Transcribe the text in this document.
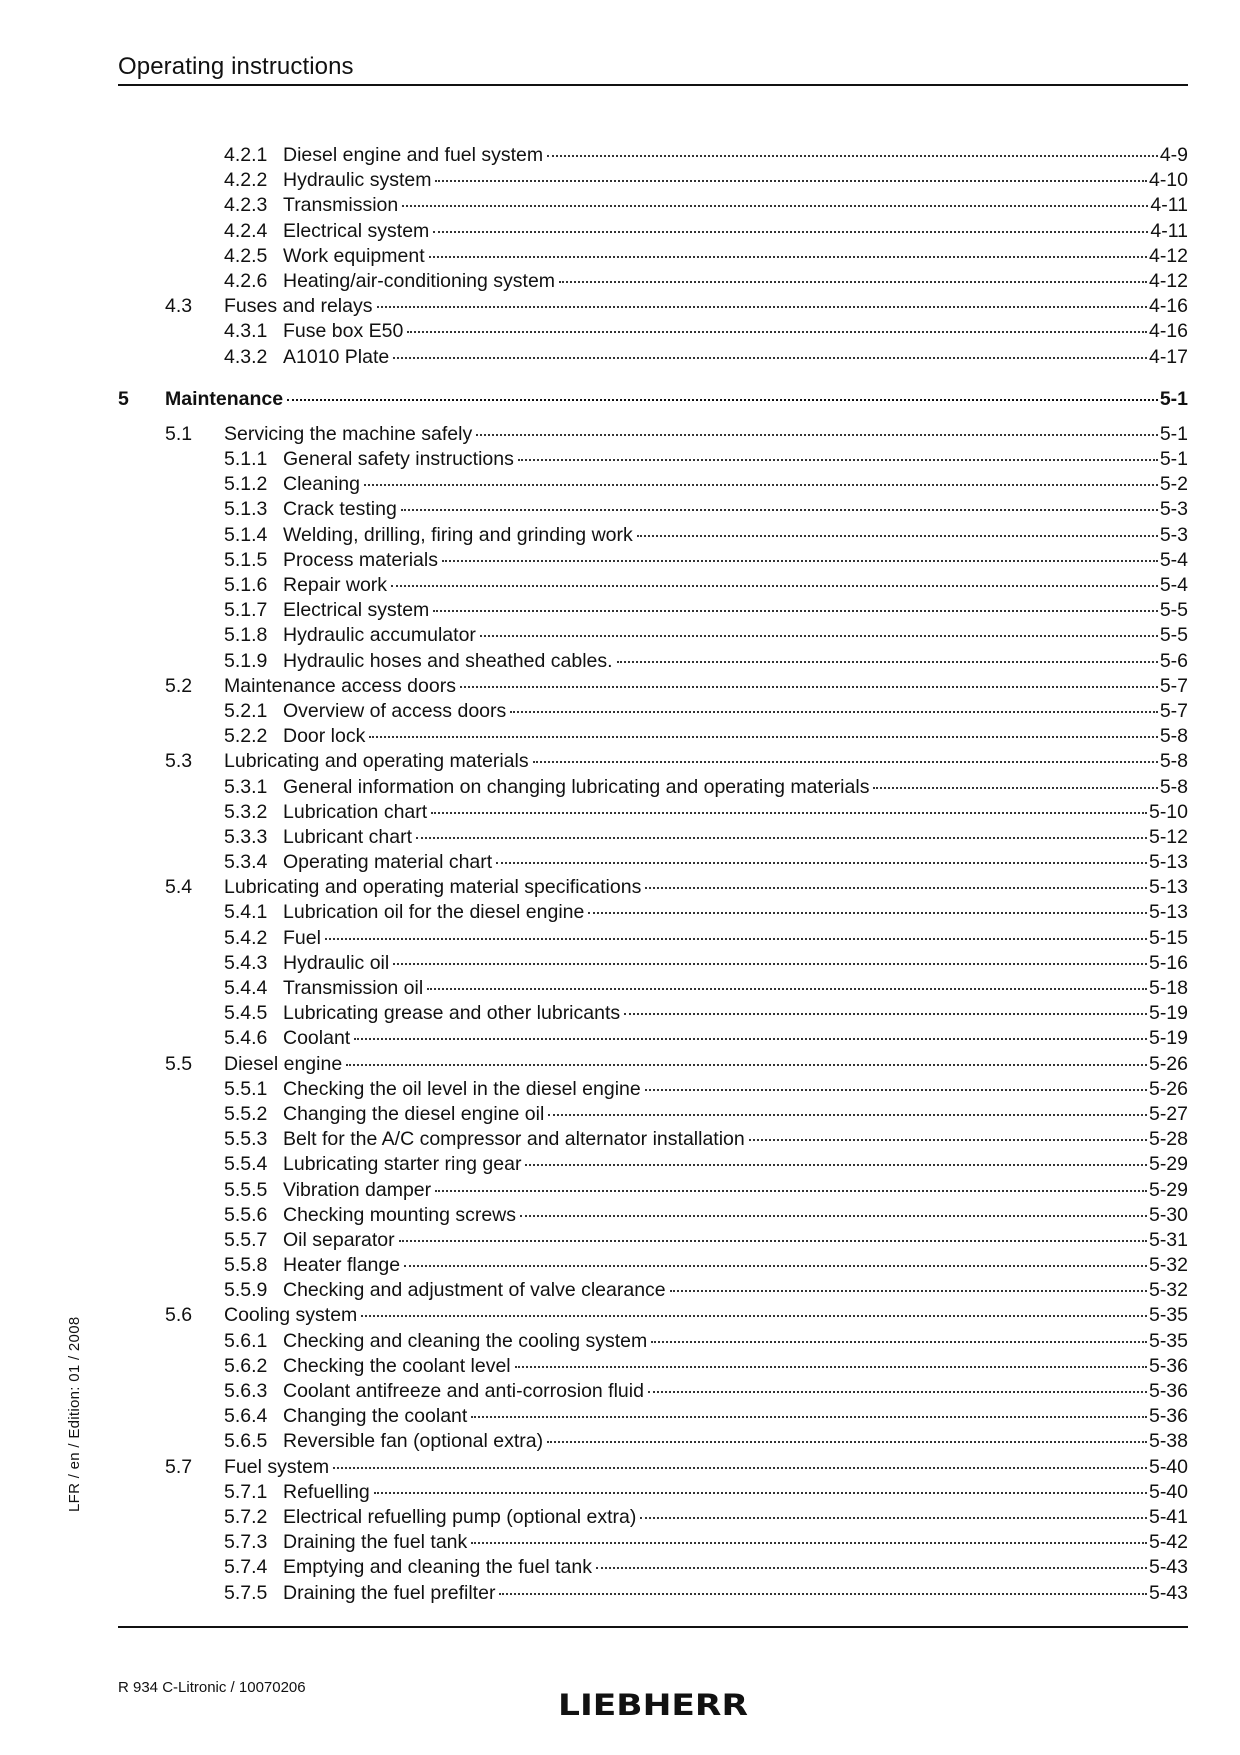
Operating instructions
4.2.1 Diesel engine and fuel system	4-9
4.2.2 Hydraulic system	4-10
4.2.3 Transmission	4-11
4.2.4 Electrical system	4-11
4.2.5 Work equipment	4-12
4.2.6 Heating/air-conditioning system	4-12
4.3	Fuses and relays	4-16
4.3.1 Fuse box E50	4-16
4.3.2 A1010 Plate	4-17
5	Maintenance	5-1
5.1	Servicing the machine safely	5-1
5.1.1 General safety instructions	5-1
5.1.2 Cleaning	5-2
5.1.3 Crack testing	5-3
5.1.4 Welding, drilling, firing and grinding work	5-3
5.1.5 Process materials	5-4
5.1.6 Repair work	5-4
5.1.7 Electrical system	5-5
5.1.8 Hydraulic accumulator	5-5
5.1.9 Hydraulic hoses and sheathed cables.	5-6
5.2	Maintenance access doors	5-7
5.2.1 Overview of access doors	5-7
5.2.2 Door lock	5-8
5.3	Lubricating and operating materials	5-8
5.3.1 General information on changing lubricating and operating materials	5-8
5.3.2 Lubrication chart	5-10
5.3.3 Lubricant chart	5-12
5.3.4 Operating material chart	5-13
5.4	Lubricating and operating material specifications	5-13
5.4.1 Lubrication oil for the diesel engine	5-13
5.4.2 Fuel	5-15
5.4.3 Hydraulic oil	5-16
5.4.4 Transmission oil	5-18
5.4.5 Lubricating grease and other lubricants	5-19
5.4.6 Coolant	5-19
5.5	Diesel engine	5-26
5.5.1 Checking the oil level in the diesel engine	5-26
5.5.2 Changing the diesel engine oil	5-27
5.5.3 Belt for the A/C compressor and alternator installation	5-28
5.5.4 Lubricating starter ring gear	5-29
5.5.5 Vibration damper	5-29
5.5.6 Checking mounting screws	5-30
5.5.7 Oil separator	5-31
5.5.8 Heater flange	5-32
5.5.9 Checking and adjustment of valve clearance	5-32
5.6	Cooling system	5-35
5.6.1 Checking and cleaning the cooling system	5-35
5.6.2 Checking the coolant level	5-36
5.6.3 Coolant antifreeze and anti-corrosion fluid	5-36
5.6.4 Changing the coolant	5-36
5.6.5 Reversible fan (optional extra)	5-38
5.7	Fuel system	5-40
5.7.1 Refuelling	5-40
5.7.2 Electrical refuelling pump (optional extra)	5-41
5.7.3 Draining the fuel tank	5-42
5.7.4 Emptying and cleaning the fuel tank	5-43
5.7.5 Draining the fuel prefilter	5-43
LFR / en / Edition: 01 / 2008
R 934 C-Litronic / 10070206
LIEBHERR
